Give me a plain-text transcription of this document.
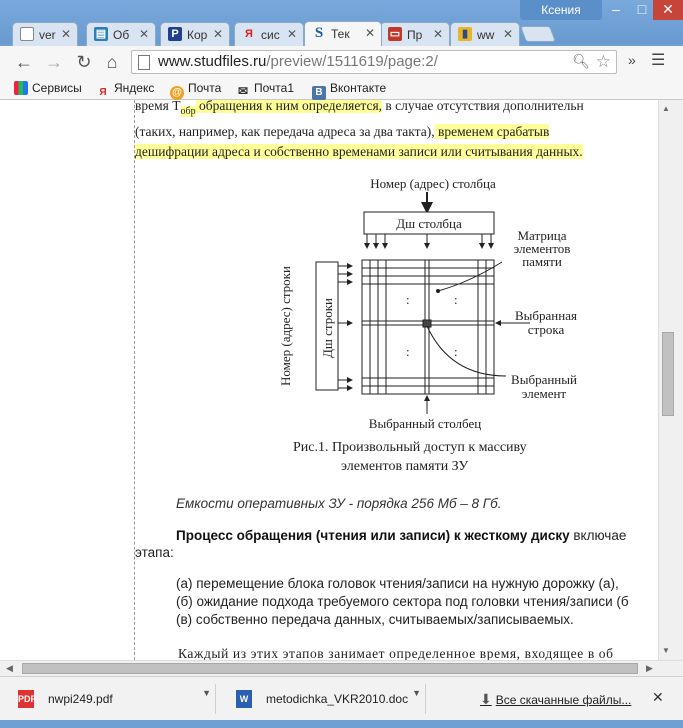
Ксения	–	□	✕
ver ✕ ▤ Об ✕	P Кор ✕ Я сис ✕ S Тек ✕ ▭ Пр ✕	▮ ww ✕
← → ↻ ⌂	www.studfiles.ru/preview/1511619/page:2/	🔍︎ ☆ » ☰
Сервисы	Я Яндекс @ Почта ✉ Почта1	В Вконтакте
время $T_{обр}$ обращения к ним определяется, в случае отсутствия дополнительн
(таких, например, как передача адреса за два такта), временем срабатыв
дешифрации адреса и собственно временами записи или считывания данных.
Номер (адрес) столбца
Дш столбца
Дш строки
Номер (адрес) строки
Матрица
элементов
памяти
Выбранная
строка
Выбранный
элемент
Выбранный столбец
:	:
:	:
Рис.1. Произвольный доступ к массиву
элементов памяти ЗУ
Емкости оперативных ЗУ - порядка 256 Мб – 8 Гб.
Процесс обращения (чтения или записи) к жесткому диску включае
этапа:
(а) перемещение блока головок чтения/записи на нужную дорожку (а),
(б) ожидание подхода требуемого сектора под головки чтения/записи (б
(в) собственно передача данных, считываемых/записываемых.
Каждый из этих этапов занимает определенное время, входящее в об
▲
▼
◀	▶
PDF nwpi249.pdf	▼
W	metodichka_VKR2010.doc ▼	⬇ Все скачанные файлы... ✕
